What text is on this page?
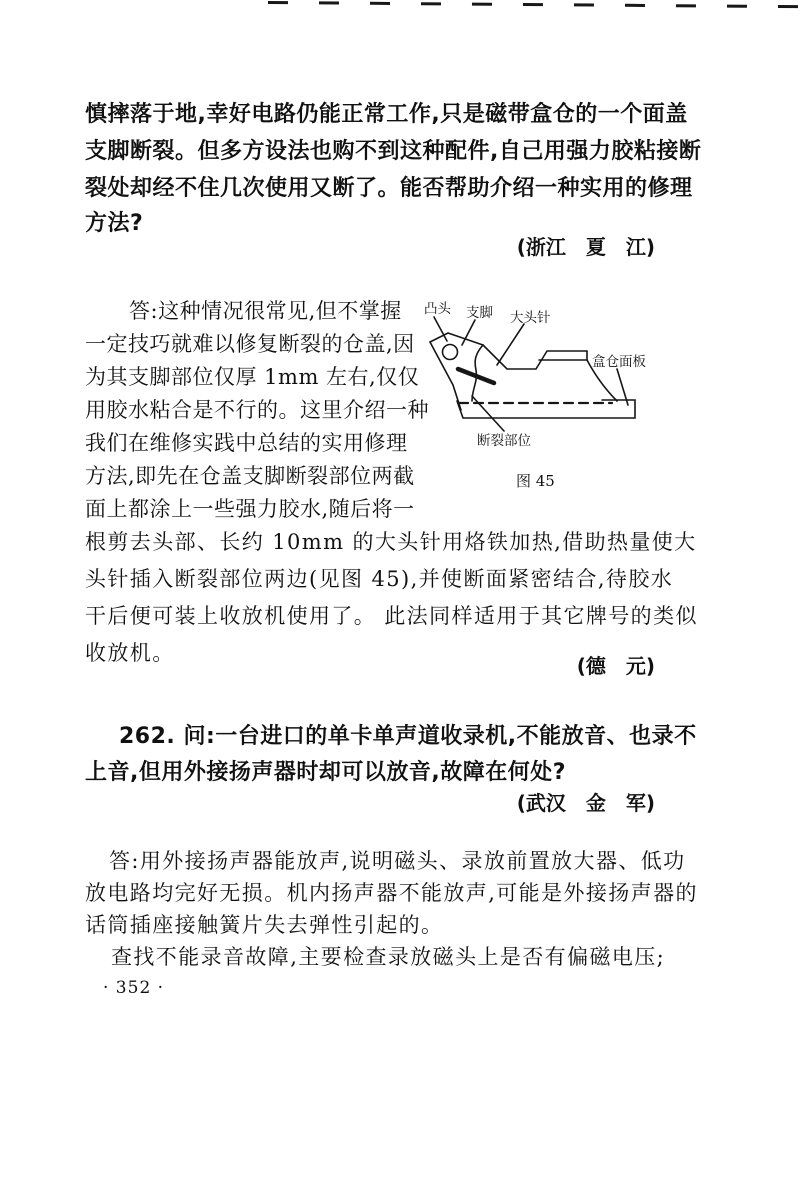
慎摔落于地,幸好电路仍能正常工作,只是磁带盒仓的一个面盖
支脚断裂。但多方设法也购不到这种配件,自己用强力胶粘接断
裂处却经不住几次使用又断了。能否帮助介绍一种实用的修理
方法?
(浙江　夏　江)
答:这种情况很常见,但不掌握
一定技巧就难以修复断裂的仓盖,因
为其支脚部位仅厚 1mm 左右,仅仅
用胶水粘合是不行的。这里介绍一种
我们在维修实践中总结的实用修理
方法,即先在仓盖支脚断裂部位两截
面上都涂上一些强力胶水,随后将一
凸头 支脚 大头针
盒仓面板
断裂部位
图 45
根剪去头部、长约 10mm 的大头针用烙铁加热,借助热量使大
头针插入断裂部位两边(见图 45),并使断面紧密结合,待胶水
干后便可装上收放机使用了。 此法同样适用于其它牌号的类似
收放机。
(德　元)
262. 问:一台进口的单卡单声道收录机,不能放音、也录不
上音,但用外接扬声器时却可以放音,故障在何处?
(武汉　金　军)
答:用外接扬声器能放声,说明磁头、录放前置放大器、低功
放电路均完好无损。机内扬声器不能放声,可能是外接扬声器的
话筒插座接触簧片失去弹性引起的。
查找不能录音故障,主要检查录放磁头上是否有偏磁电压;
· 352 ·
